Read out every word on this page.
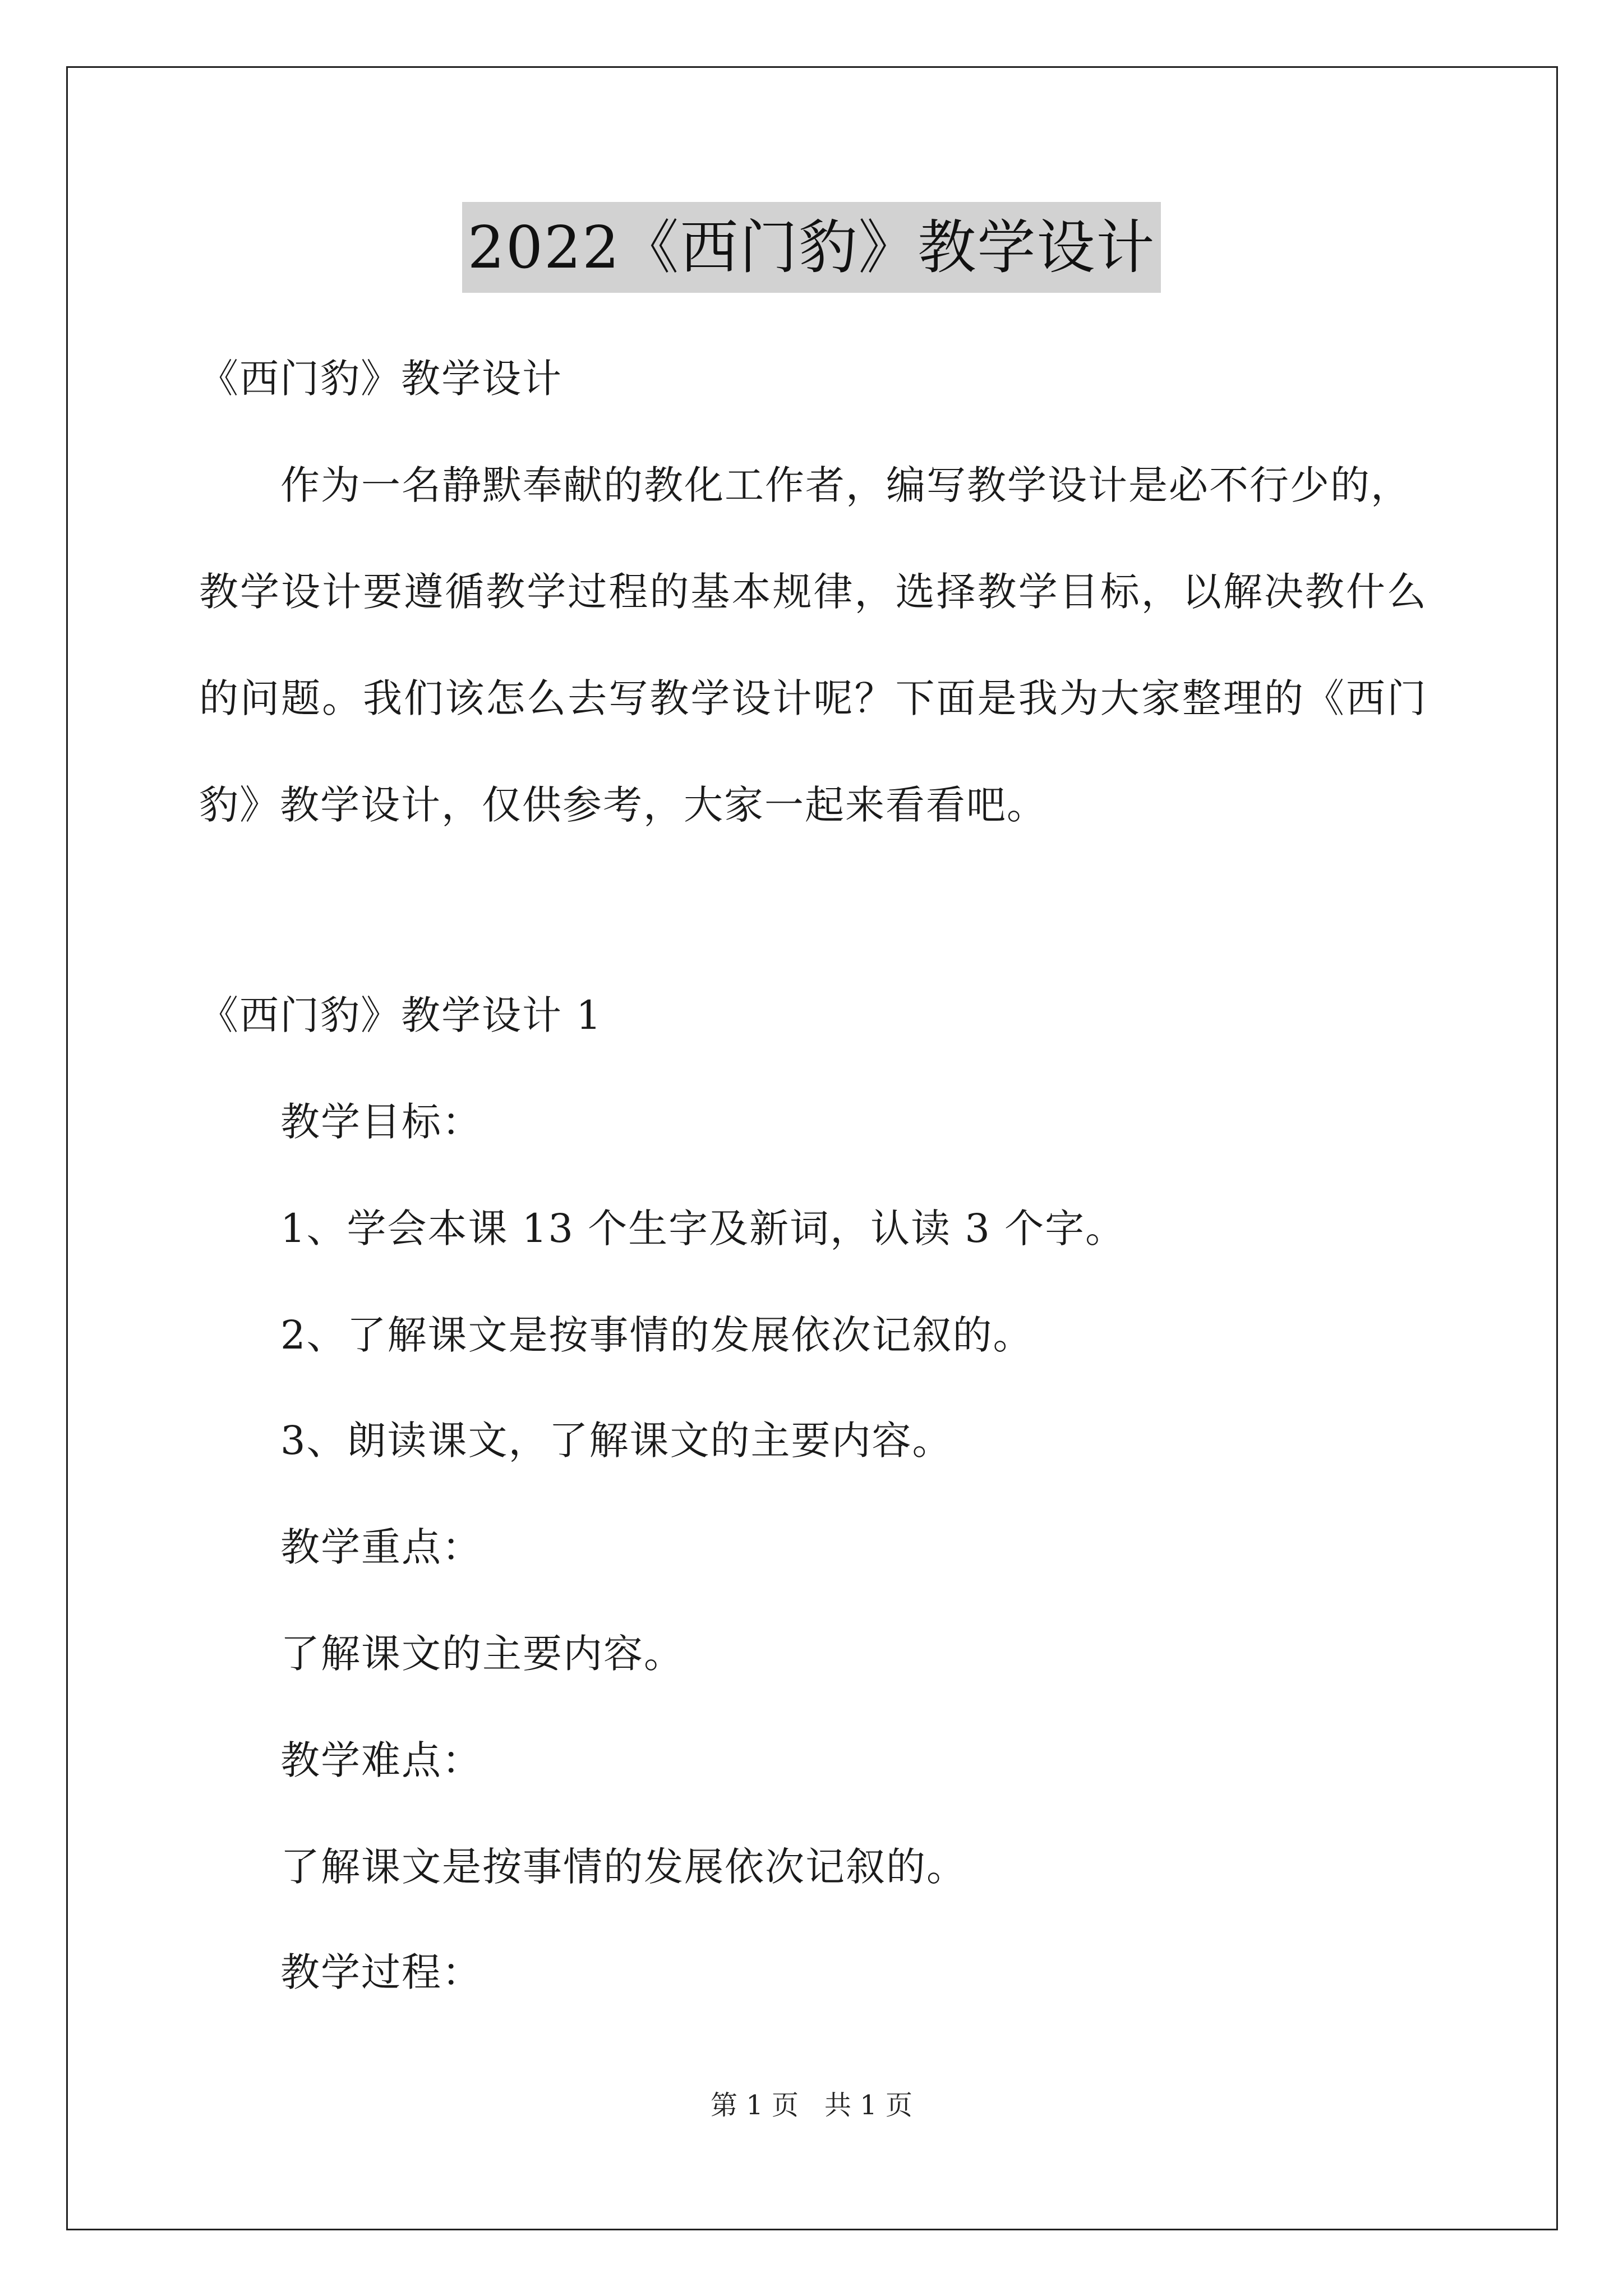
2022《西门豹》教学设计
《西门豹》教学设计
作为一名静默奉献的教化工作者，编写教学设计是必不行少的，
教学设计要遵循教学过程的基本规律，选择教学目标，以解决教什么
的问题。我们该怎么去写教学设计呢？下面是我为大家整理的《西门
豹》教学设计，仅供参考，大家一起来看看吧。
《西门豹》教学设计 1
教学目标：
1、学会本课 13 个生字及新词，认读 3 个字。
2、了解课文是按事情的发展依次记叙的。
3、朗读课文，了解课文的主要内容。
教学重点：
了解课文的主要内容。
教学难点：
了解课文是按事情的发展依次记叙的。
教学过程：
第 1 页 共 1 页
